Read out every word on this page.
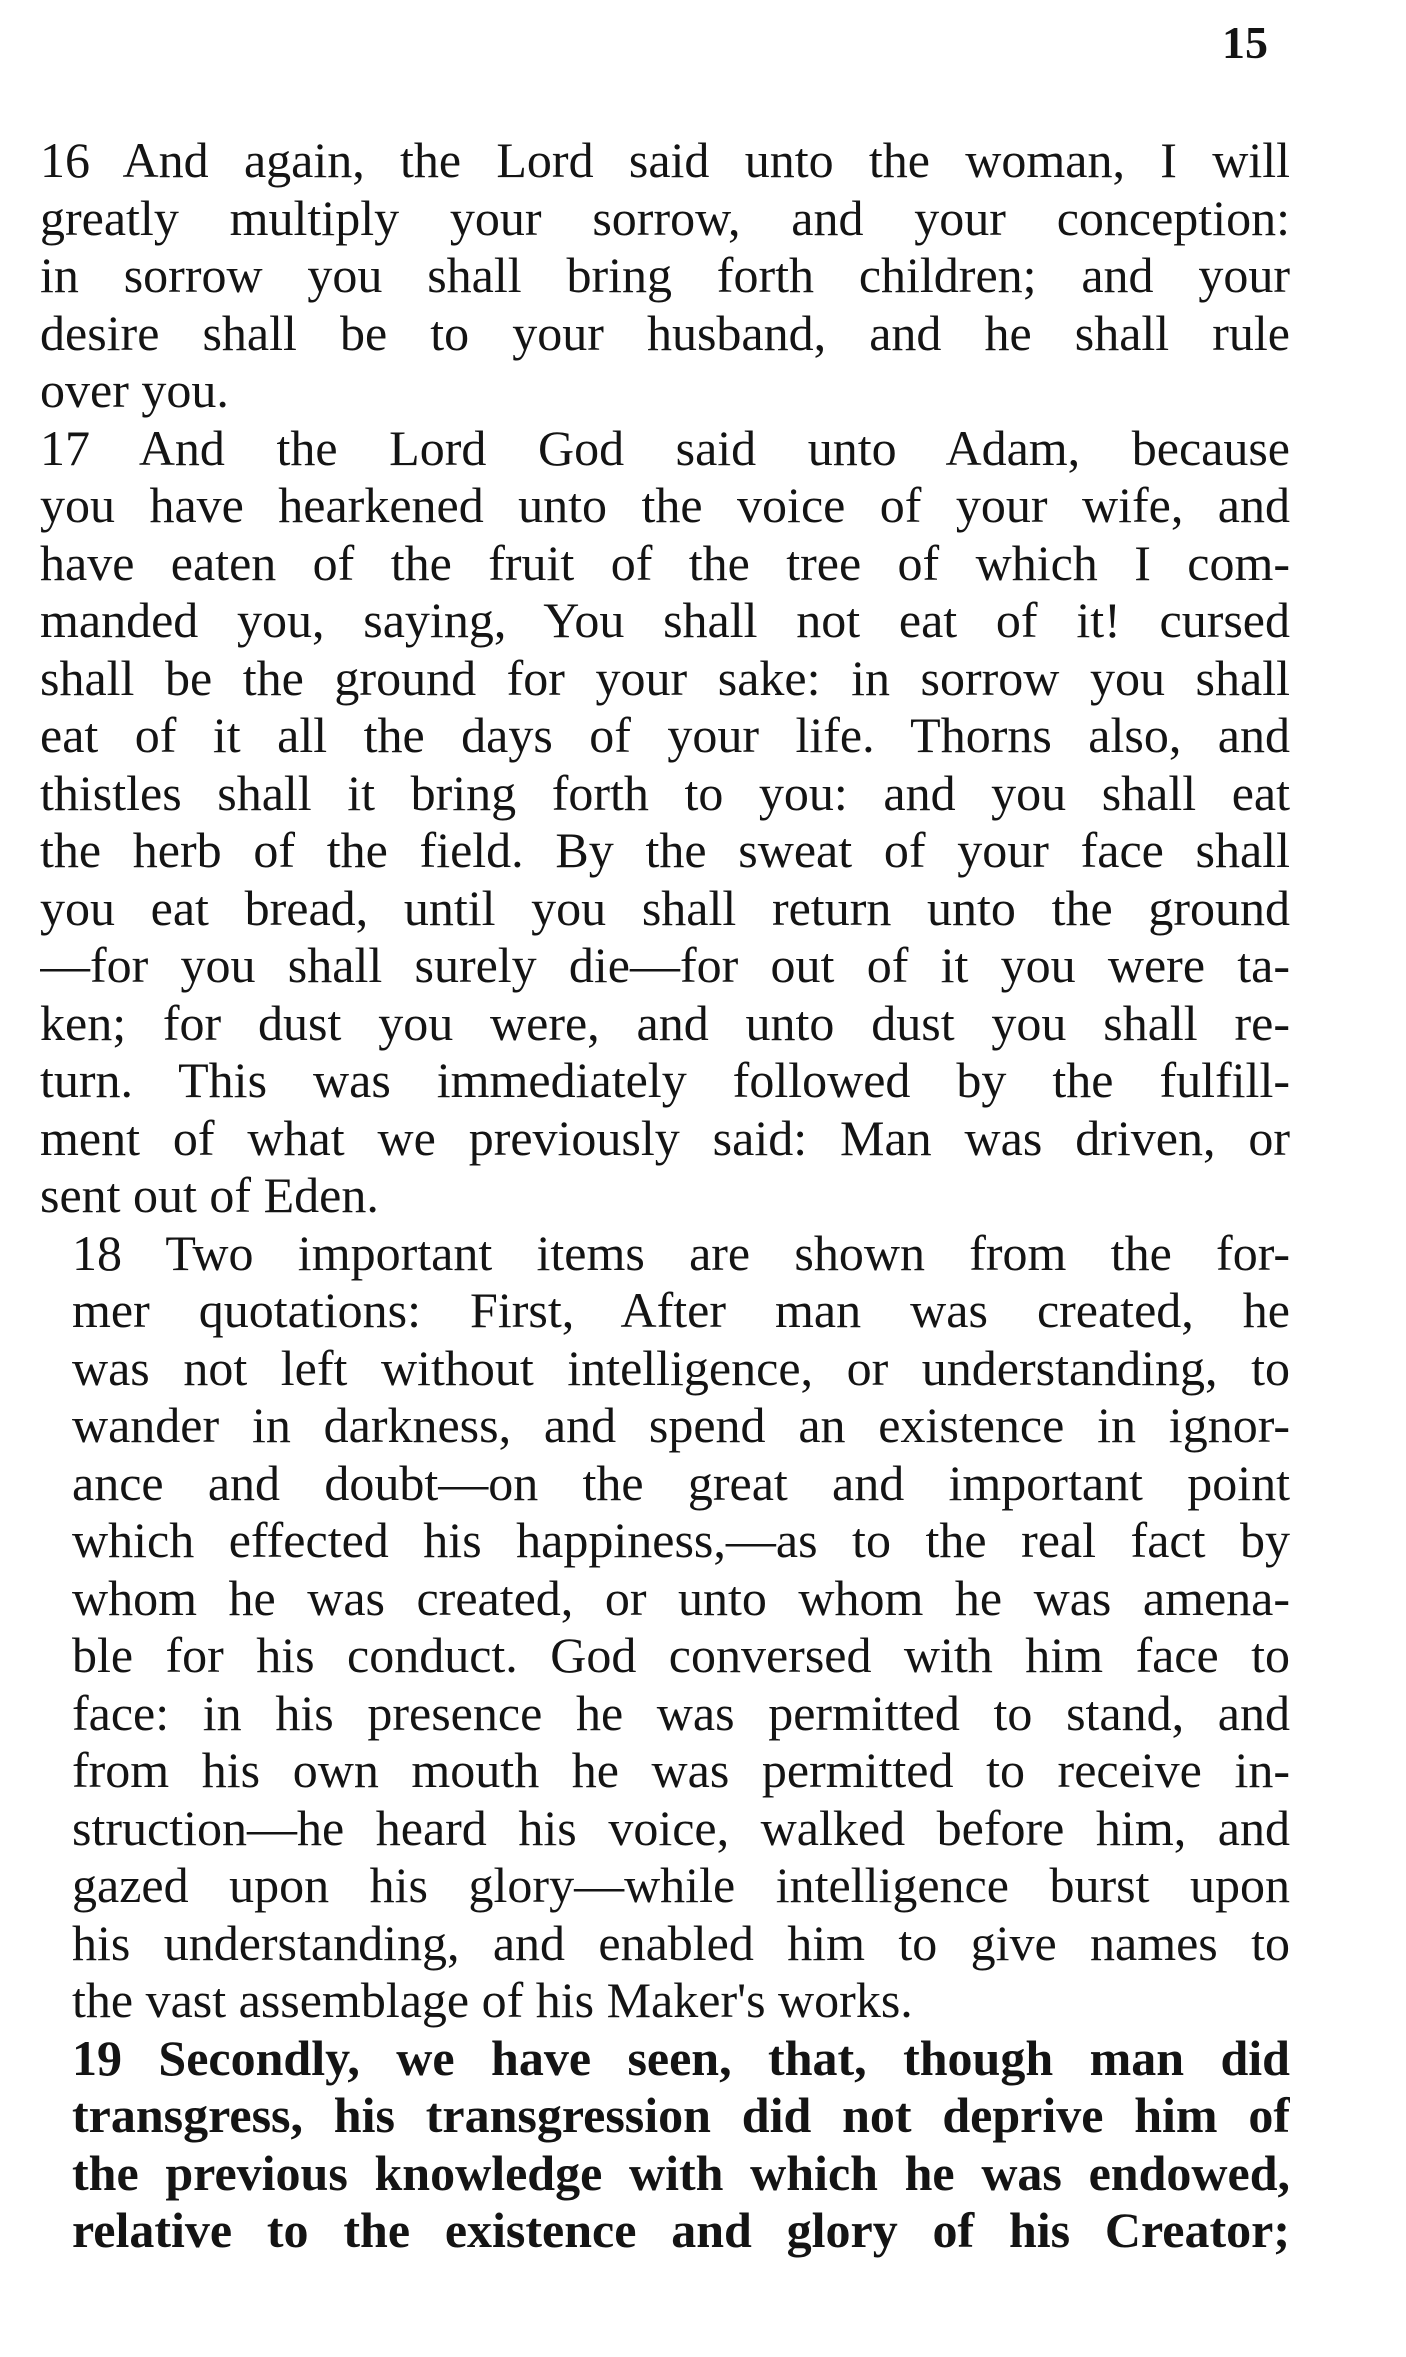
15
16 And again, the Lord said unto the woman, I will
greatly multiply your sorrow, and your conception:
in sorrow you shall bring forth children; and your
desire shall be to your husband, and he shall rule
over you.
17 And the Lord God said unto Adam, because
you have hearkened unto the voice of your wife, and
have eaten of the fruit of the tree of which I com-
manded you, saying, You shall not eat of it! cursed
shall be the ground for your sake: in sorrow you shall
eat of it all the days of your life. Thorns also, and
thistles shall it bring forth to you: and you shall eat
the herb of the field. By the sweat of your face shall
you eat bread, until you shall return unto the ground
—for you shall surely die—for out of it you were ta-
ken; for dust you were, and unto dust you shall re-
turn. This was immediately followed by the fulfill-
ment of what we previously said: Man was driven, or
sent out of Eden.
18 Two important items are shown from the for-
mer quotations: First, After man was created, he
was not left without intelligence, or understanding, to
wander in darkness, and spend an existence in ignor-
ance and doubt—on the great and important point
which effected his happiness,—as to the real fact by
whom he was created, or unto whom he was amena-
ble for his conduct. God conversed with him face to
face: in his presence he was permitted to stand, and
from his own mouth he was permitted to receive in-
struction—he heard his voice, walked before him, and
gazed upon his glory—while intelligence burst upon
his understanding, and enabled him to give names to
the vast assemblage of his Maker's works.
19 Secondly, we have seen, that, though man did
transgress, his transgression did not deprive him of
the previous knowledge with which he was endowed,
relative to the existence and glory of his Creator;
